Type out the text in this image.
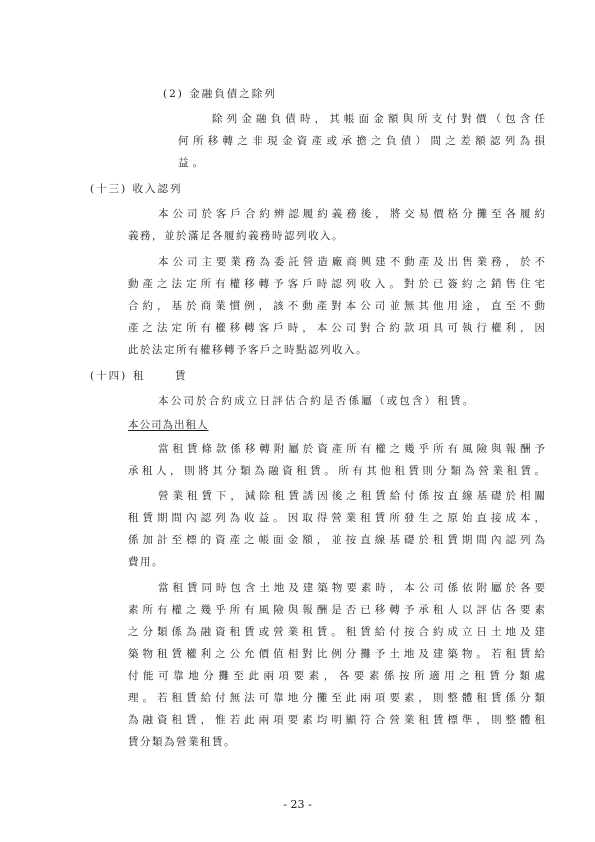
(2) 金融負債之除列
除列金融負債時，其帳面金額與所支付對價（包含任
何所移轉之非現金資產或承擔之負債）間之差額認列為損
益。
(十三) 收入認列
本公司於客戶合約辨認履約義務後，將交易價格分攤至各履約
義務，並於滿足各履約義務時認列收入。
本公司主要業務為委託營造廠商興建不動產及出售業務，於不
動產之法定所有權移轉予客戶時認列收入。對於已簽約之銷售住宅
合約，基於商業慣例，該不動產對本公司並無其他用途，直至不動
產之法定所有權移轉客戶時，本公司對合約款項具可執行權利，因
此於法定所有權移轉予客戶之時點認列收入。
(十四) 租	賃
本公司於合約成立日評估合約是否係屬（或包含）租賃。
本公司為出租人
當租賃條款係移轉附屬於資產所有權之幾乎所有風險與報酬予
承租人，則將其分類為融資租賃。所有其他租賃則分類為營業租賃。
營業租賃下，減除租賃誘因後之租賃給付係按直線基礎於相關
租賃期間內認列為收益。因取得營業租賃所發生之原始直接成本，
係加計至標的資產之帳面金額，並按直線基礎於租賃期間內認列為
費用。
當租賃同時包含土地及建築物要素時，本公司係依附屬於各要
素所有權之幾乎所有風險與報酬是否已移轉予承租人以評估各要素
之分類係為融資租賃或營業租賃。租賃給付按合約成立日土地及建
築物租賃權利之公允價值相對比例分攤予土地及建築物。若租賃給
付能可靠地分攤至此兩項要素，各要素係按所適用之租賃分類處
理。若租賃給付無法可靠地分攤至此兩項要素，則整體租賃係分類
為融資租賃，惟若此兩項要素均明顯符合營業租賃標準，則整體租
賃分類為營業租賃。
- 23 -
